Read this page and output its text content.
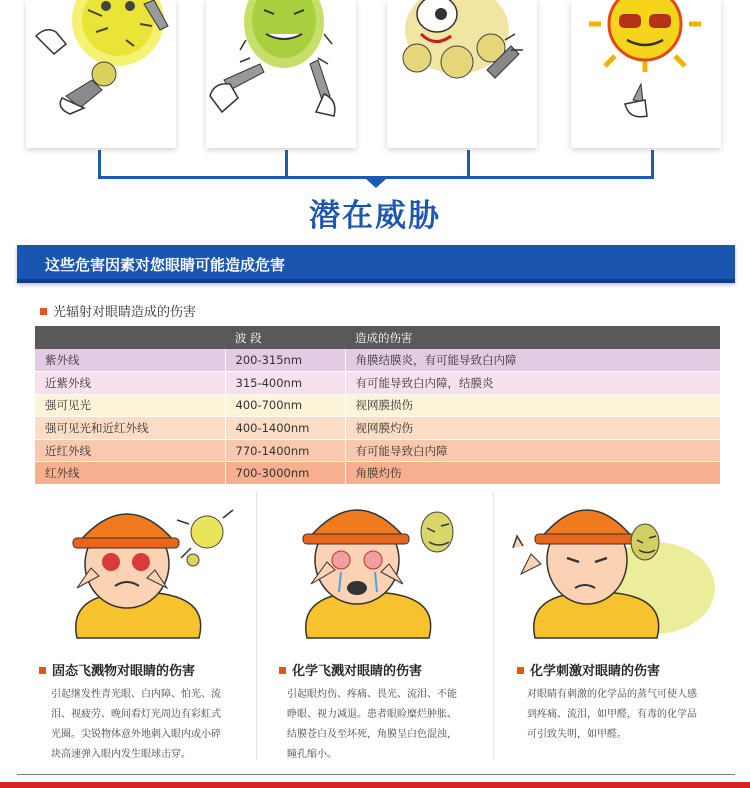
潜在威胁
这些危害因素对您眼睛可能造成危害
光辐射对眼睛造成的伤害
	波 段	造成的伤害
紫外线	200-315nm	角膜结膜炎，有可能导致白内障
近紫外线	315-400nm	有可能导致白内障，结膜炎
强可见光	400-700nm	视网膜损伤
强可见光和近红外线	400-1400nm	视网膜灼伤
近红外线	770-1400nm	有可能导致白内障
红外线	700-3000nm	角膜灼伤
固态飞溅物对眼睛的伤害
引起继发性青光眼、白内障、怕光、流
泪、视疲劳、晚间看灯光周边有彩虹式
光圈。尖锐物体意外地刺入眼内或小碎
块高速弹入眼内发生眼球击穿。
化学飞溅对眼睛的伤害
引起眼灼伤、疼痛、畏光、流泪、不能
睁眼、视力减退。患者眼睑糜烂肿胀、
结膜苍白及至坏死，角膜呈白色混浊，
瞳孔缩小。
化学刺激对眼睛的伤害
对眼睛有刺激的化学品的蒸气可使人感
到疼痛、流泪，如甲醛，有毒的化学品
可引致失明，如甲醛。
